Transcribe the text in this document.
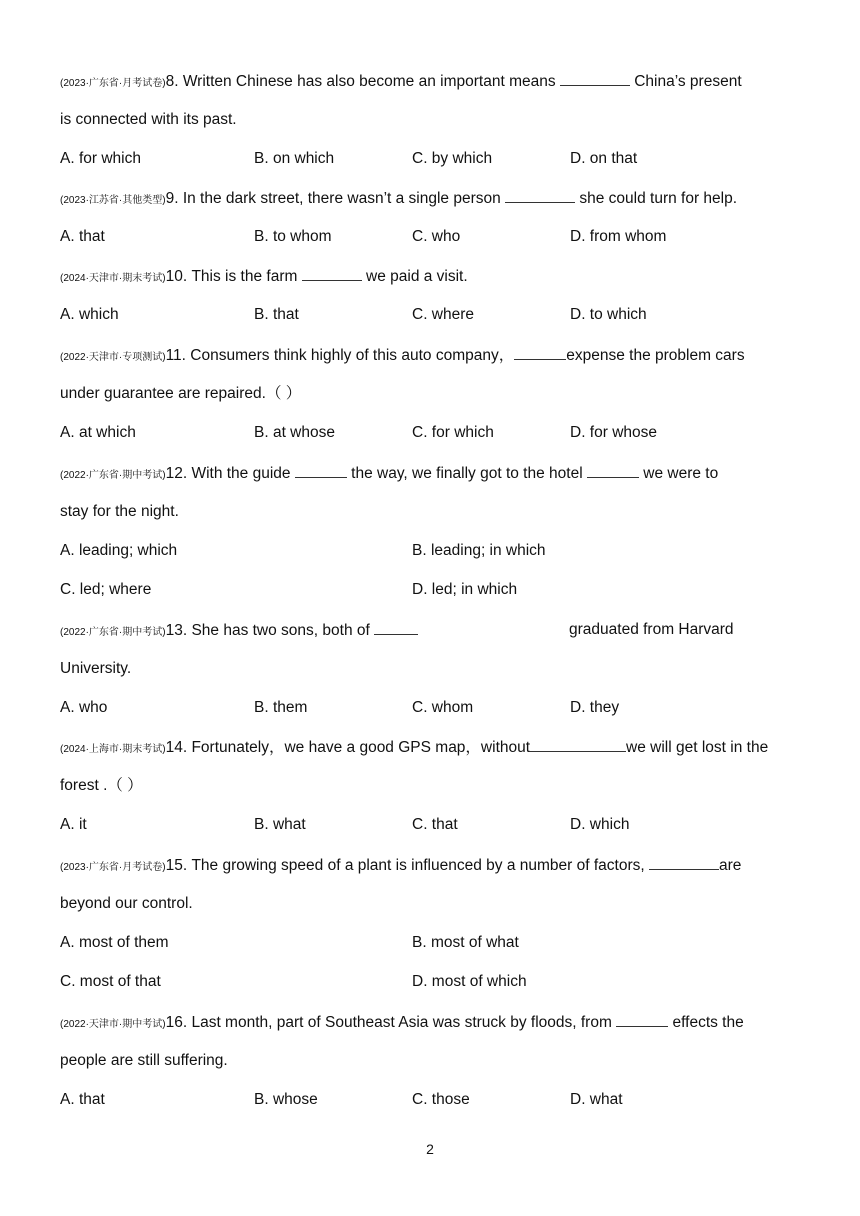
(2023·广东省·月考试卷)8. Written Chinese has also become an important means	China’s present
is connected with its past.
A. for which	B. on which	C. by which	D. on that
(2023·江苏省·其他类型)9. In the dark street, there wasn’t a single person	she could turn for help.
A. that	B. to whom	C. who	D. from whom
(2024·天津市·期末考试)10. This is the farm	we paid a visit.
A. which	B. that	C. where	D. to which
(2022·天津市·专项测试)11. Consumers think highly of this auto company，	expense the problem cars
under guarantee are repaired.（ ）
A. at which	B. at whose	C. for which	D. for whose
(2022·广东省·期中考试)12. With the guide	the way, we finally got to the hotel	we were to
stay for the night.
A. leading; which	B. leading; in which
C. led; where	D. led; in which
(2022·广东省·期中考试)13. She has two sons, both of	graduated from Harvard
University.
A. who	B. them	C. whom	D. they
(2024·上海市·期末考试)14. Fortunately，we have a good GPS map，without	we will get lost in the
forest .（ ）
A. it	B. what	C. that	D. which
(2023·广东省·月考试卷)15. The growing speed of a plant is influenced by a number of factors,	are
beyond our control.
A. most of them	B. most of what
C. most of that	D. most of which
(2022·天津市·期中考试)16. Last month, part of Southeast Asia was struck by floods, from	effects the
people are still suffering.
A. that	B. whose	C. those	D. what
2
